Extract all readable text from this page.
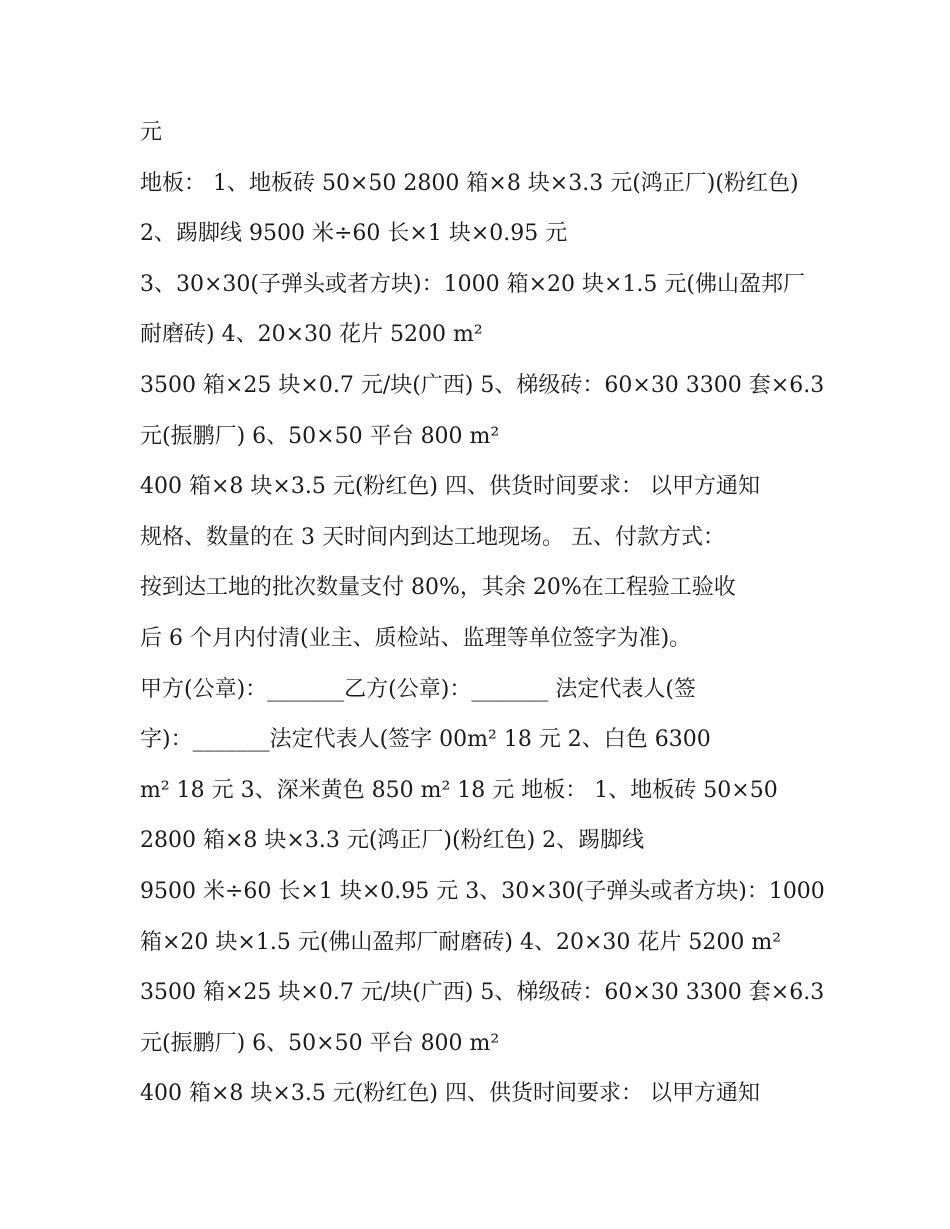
元
地板： 1、地板砖 50×50 2800 箱×8 块×3.3 元(鸿正厂)(粉红色)
2、踢脚线 9500 米÷60 长×1 块×0.95 元
3、30×30(子弹头或者方块)：1000 箱×20 块×1.5 元(佛山盈邦厂
耐磨砖) 4、20×30 花片 5200 m²
3500 箱×25 块×0.7 元/块(广西) 5、梯级砖：60×30 3300 套×6.3
元(振鹏厂) 6、50×50 平台 800 m²
400 箱×8 块×3.5 元(粉红色) 四、供货时间要求： 以甲方通知
规格、数量的在 3 天时间内到达工地现场。 五、付款方式：
按到达工地的批次数量支付 80%，其余 20%在工程验工验收
后 6 个月内付清(业主、质检站、监理等单位签字为准)。
甲方(公章)：_______乙方(公章)：_______ 法定代表人(签
字)：_______法定代表人(签字 00m² 18 元 2、白色 6300
m² 18 元 3、深米黄色 850 m² 18 元 地板： 1、地板砖 50×50
2800 箱×8 块×3.3 元(鸿正厂)(粉红色) 2、踢脚线
9500 米÷60 长×1 块×0.95 元 3、30×30(子弹头或者方块)：1000
箱×20 块×1.5 元(佛山盈邦厂耐磨砖) 4、20×30 花片 5200 m²
3500 箱×25 块×0.7 元/块(广西) 5、梯级砖：60×30 3300 套×6.3
元(振鹏厂) 6、50×50 平台 800 m²
400 箱×8 块×3.5 元(粉红色) 四、供货时间要求： 以甲方通知
